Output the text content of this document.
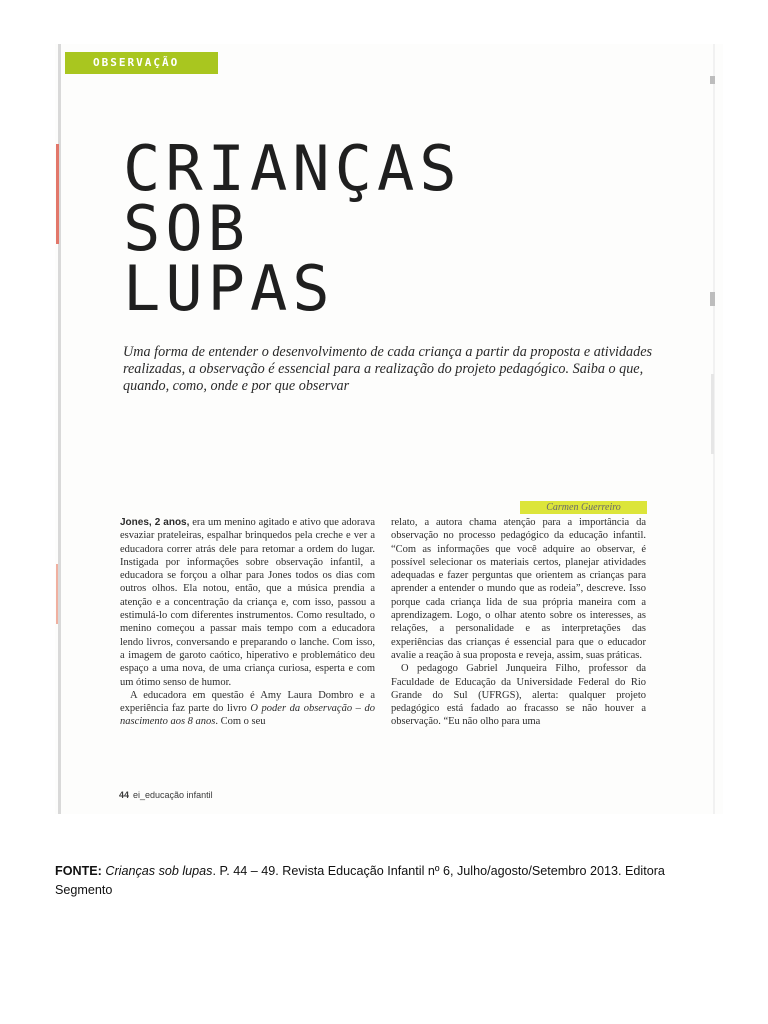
OBSERVAÇÃO
CRIANÇAS
SOB
LUPAS

Uma forma de entender o desenvolvimento de cada criança a partir da proposta e atividades realizadas, a observação é essencial para a realização do projeto pedagógico. Saiba o que, quando, como, onde e por que observar

Carmen Guerreiro

Jones, 2 anos, era um menino agitado e ativo que adorava esvaziar prateleiras, espalhar brinquedos pela creche e ver a educadora correr atrás dele para retomar a ordem do lugar. Instigada por informações sobre observação infantil, a educadora se forçou a olhar para Jones todos os dias com outros olhos. Ela notou, então, que a música prendia a atenção e a concentração da criança e, com isso, passou a estimulá-lo com diferentes instrumentos. Como resultado, o menino começou a passar mais tempo com a educadora lendo livros, conversando e preparando o lanche. Com isso, a imagem de garoto caótico, hiperativo e problemático deu espaço a uma nova, de uma criança curiosa, esperta e com um ótimo senso de humor.

A educadora em questão é Amy Laura Dombro e a experiência faz parte do livro O poder da observação – do nascimento aos 8 anos. Com o seu

relato, a autora chama atenção para a importância da observação no processo pedagógico da educação infantil. “Com as informações que você adquire ao observar, é possível selecionar os materiais certos, planejar atividades adequadas e fazer perguntas que orientem as crianças para aprender a entender o mundo que as rodeia”, descreve. Isso porque cada criança lida de sua própria maneira com a aprendizagem. Logo, o olhar atento sobre os interesses, as relações, a personalidade e as interpretações das experiências das crianças é essencial para que o educador avalie a reação à sua proposta e reveja, assim, suas práticas.

O pedagogo Gabriel Junqueira Filho, professor da Faculdade de Educação da Universidade Federal do Rio Grande do Sul (UFRGS), alerta: qualquer projeto pedagógico está fadado ao fracasso se não houver a observação. “Eu não olho para uma

44 ei_educação infantil
FONTE: Crianças sob lupas. P. 44 – 49. Revista Educação Infantil nº 6, Julho/agosto/Setembro 2013. Editora Segmento
